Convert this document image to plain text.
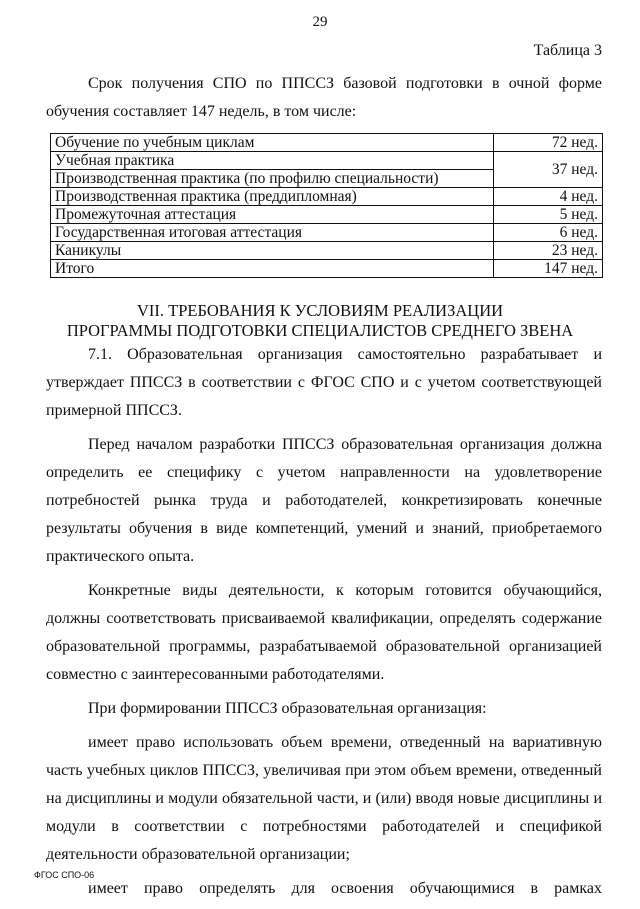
29
Таблица 3

Срок получения СПО по ППССЗ базовой подготовки в очной форме обучения составляет 147 недель, в том числе:

Обучение по учебным циклам	72 нед.
Учебная практика	37 нед.
Производственная практика (по профилю специальности)	
Производственная практика (преддипломная)	4 нед.
Промежуточная аттестация	5 нед.
Государственная итоговая аттестация	6 нед.
Каникулы	23 нед.
Итого	147 нед.
VII. ТРЕБОВАНИЯ К УСЛОВИЯМ РЕАЛИЗАЦИИ
ПРОГРАММЫ ПОДГОТОВКИ СПЕЦИАЛИСТОВ СРЕДНЕГО ЗВЕНА

7.1. Образовательная организация самостоятельно разрабатывает и утверждает ППССЗ в соответствии с ФГОС СПО и с учетом соответствующей примерной ППССЗ.

Перед началом разработки ППССЗ образовательная организация должна определить ее специфику с учетом направленности на удовлетворение потребностей рынка труда и работодателей, конкретизировать конечные результаты обучения в виде компетенций, умений и знаний, приобретаемого практического опыта.

Конкретные виды деятельности, к которым готовится обучающийся, должны соответствовать присваиваемой квалификации, определять содержание образовательной программы, разрабатываемой образовательной организацией совместно с заинтересованными работодателями.

При формировании ППССЗ образовательная организация:

имеет право использовать объем времени, отведенный на вариативную часть учебных циклов ППССЗ, увеличивая при этом объем времени, отведенный на дисциплины и модули обязательной части, и (или) вводя новые дисциплины и модули в соответствии с потребностями работодателей и спецификой деятельности образовательной организации;

имеет право определять для освоения обучающимися в рамках

ФГОС СПО-06
